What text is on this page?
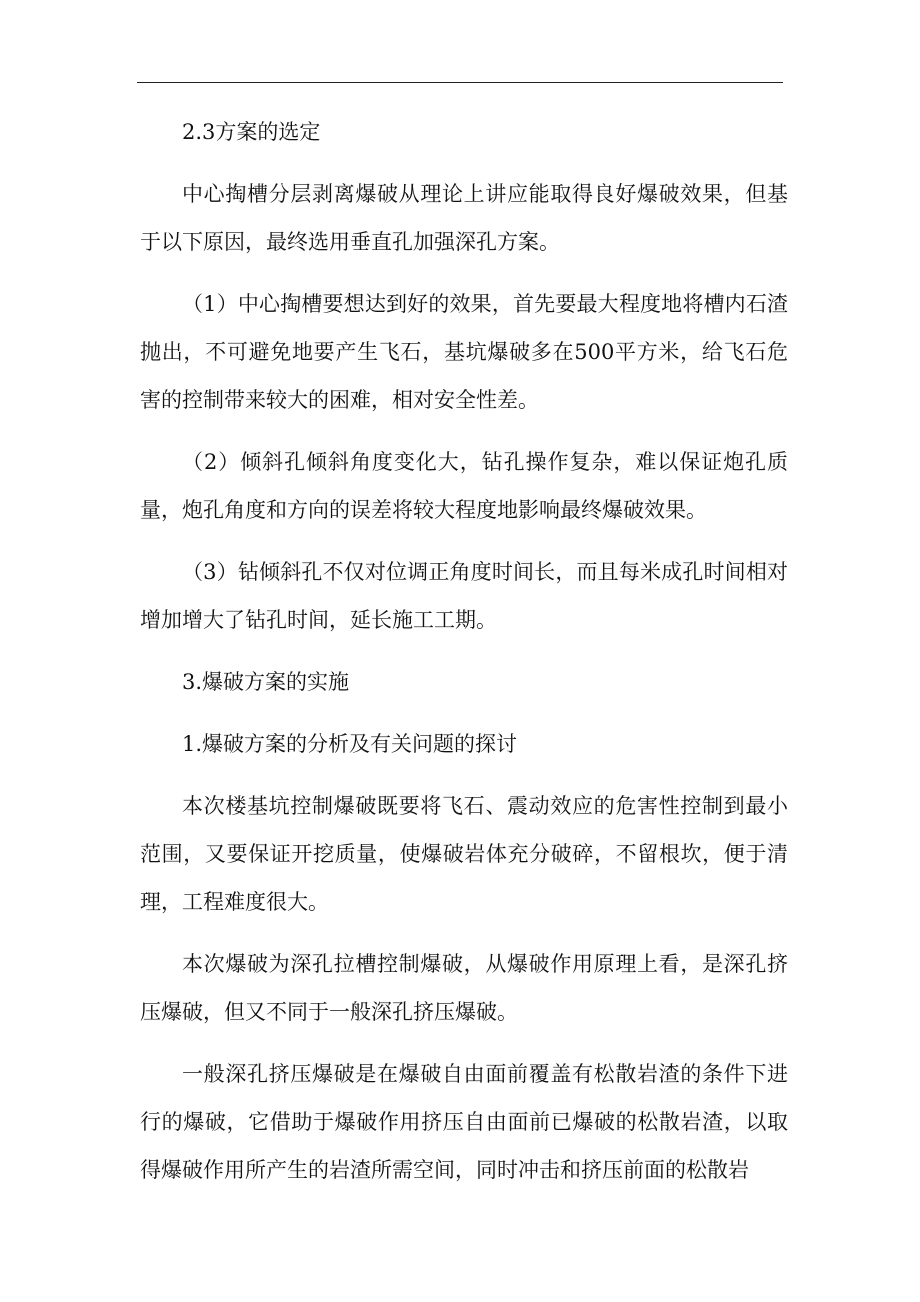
2.3方案的选定

中心掏槽分层剥离爆破从理论上讲应能取得良好爆破效果，但基于以下原因，最终选用垂直孔加强深孔方案。

（1）中心掏槽要想达到好的效果，首先要最大程度地将槽内石渣抛出，不可避免地要产生飞石，基坑爆破多在500平方米，给飞石危害的控制带来较大的困难，相对安全性差。

（2）倾斜孔倾斜角度变化大，钻孔操作复杂，难以保证炮孔质量，炮孔角度和方向的误差将较大程度地影响最终爆破效果。

（3）钻倾斜孔不仅对位调正角度时间长，而且每米成孔时间相对增加增大了钻孔时间，延长施工工期。

3.爆破方案的实施

1.爆破方案的分析及有关问题的探讨

本次楼基坑控制爆破既要将飞石、震动效应的危害性控制到最小范围，又要保证开挖质量，使爆破岩体充分破碎，不留根坎，便于清理，工程难度很大。

本次爆破为深孔拉槽控制爆破，从爆破作用原理上看，是深孔挤压爆破，但又不同于一般深孔挤压爆破。

一般深孔挤压爆破是在爆破自由面前覆盖有松散岩渣的条件下进行的爆破，它借助于爆破作用挤压自由面前已爆破的松散岩渣，以取得爆破作用所产生的岩渣所需空间，同时冲击和挤压前面的松散岩
